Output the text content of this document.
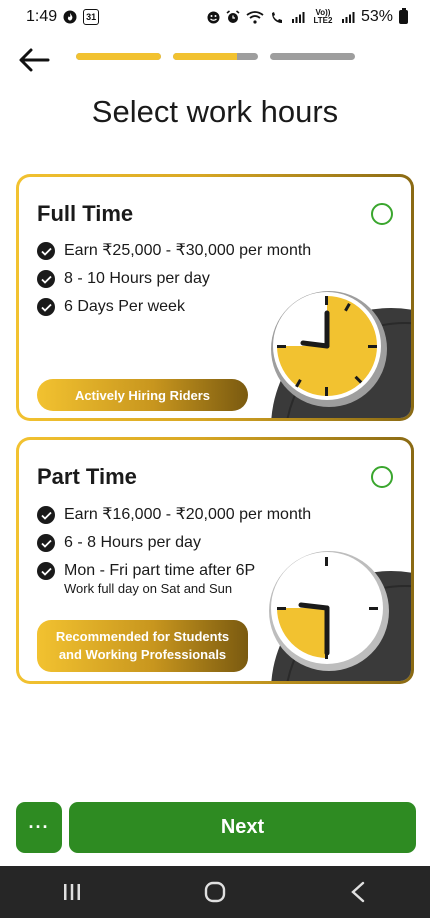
1:49	31	Vo)) LTE2 53%
Select work hours
Full Time
Earn ₹25,000 - ₹30,000 per month
8 - 10 Hours per day
6 Days Per week
Actively Hiring Riders
Part Time
Earn ₹16,000 - ₹20,000 per month
6 - 8 Hours per day
Mon - Fri part time after 6P
Work full day on Sat and Sun
Recommended for Students
and Working Professionals
···	Next
